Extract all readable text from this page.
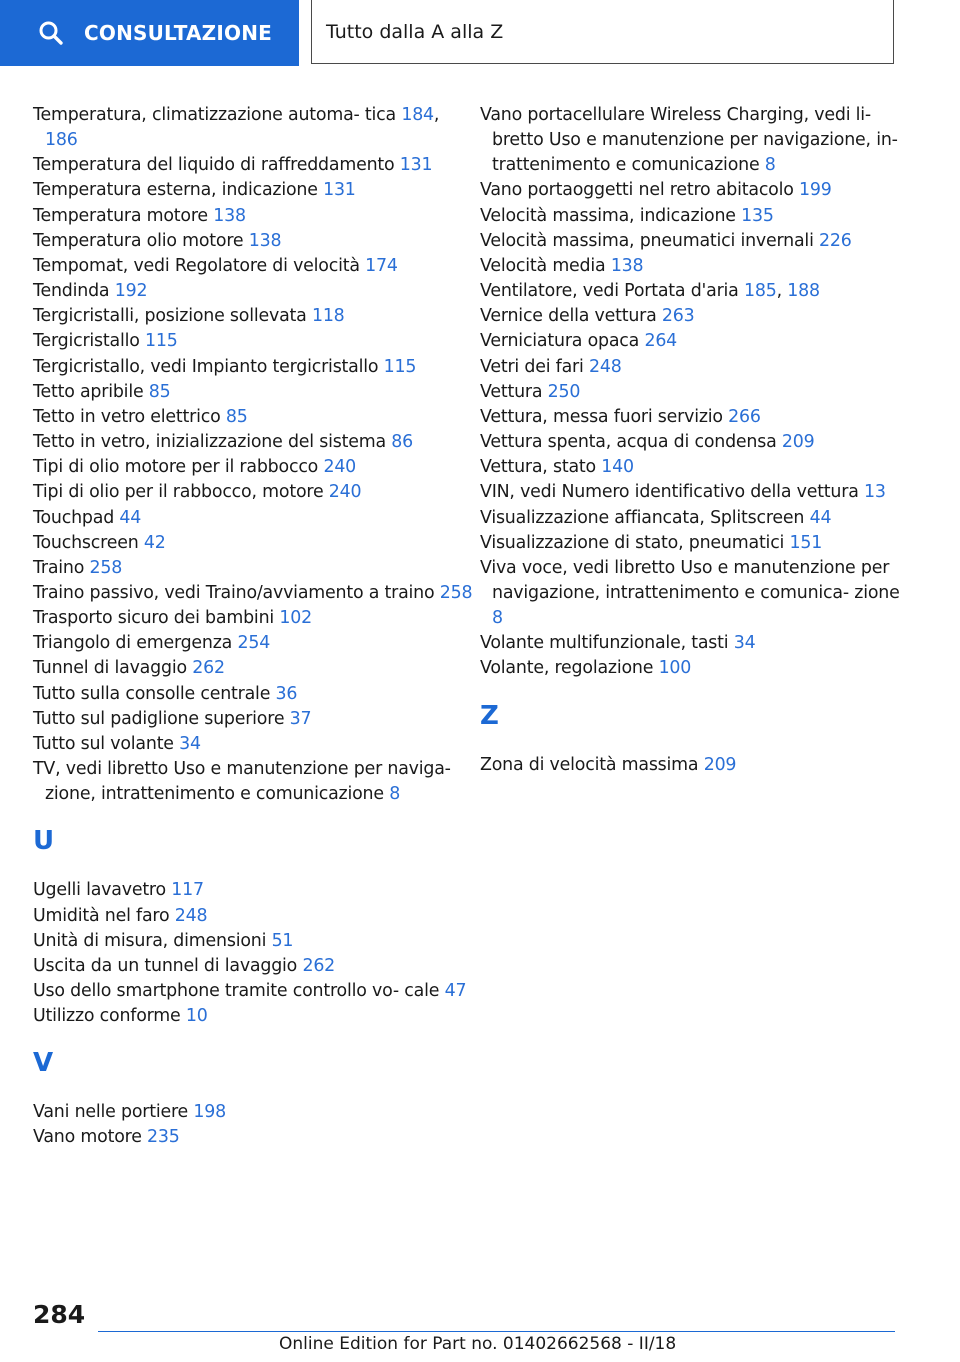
CONSULTAZIONE	Tutto dalla A alla Z
Temperatura, climatizzazione automa- tica 184, 186
Temperatura del liquido di raffreddamento 131
Temperatura esterna, indicazione 131
Temperatura motore 138
Temperatura olio motore 138
Tempomat, vedi Regolatore di velocità 174
Tendinda 192
Tergicristalli, posizione sollevata 118
Tergicristallo 115
Tergicristallo, vedi Impianto tergicristallo 115
Tetto apribile 85
Tetto in vetro elettrico 85
Tetto in vetro, inizializzazione del sistema 86
Tipi di olio motore per il rabbocco 240
Tipi di olio per il rabbocco, motore 240
Touchpad 44
Touchscreen 42
Traino 258
Traino passivo, vedi Traino/avviamento a traino 258
Trasporto sicuro dei bambini 102
Triangolo di emergenza 254
Tunnel di lavaggio 262
Tutto sulla consolle centrale 36
Tutto sul padiglione superiore 37
Tutto sul volante 34
TV, vedi libretto Uso e manutenzione per naviga- zione, intrattenimento e comunicazione 8
U
Ugelli lavavetro 117
Umidità nel faro 248
Unità di misura, dimensioni 51
Uscita da un tunnel di lavaggio 262
Uso dello smartphone tramite controllo vo- cale 47
Utilizzo conforme 10
V
Vani nelle portiere 198
Vano motore 235
Vano portacellulare Wireless Charging, vedi li- bretto Uso e manutenzione per navigazione, in- trattenimento e comunicazione 8
Vano portaoggetti nel retro abitacolo 199
Velocità massima, indicazione 135
Velocità massima, pneumatici invernali 226
Velocità media 138
Ventilatore, vedi Portata d'aria 185, 188
Vernice della vettura 263
Verniciatura opaca 264
Vetri dei fari 248
Vettura 250
Vettura, messa fuori servizio 266
Vettura spenta, acqua di condensa 209
Vettura, stato 140
VIN, vedi Numero identificativo della vettura 13
Visualizzazione affiancata, Splitscreen 44
Visualizzazione di stato, pneumatici 151
Viva voce, vedi libretto Uso e manutenzione per navigazione, intrattenimento e comunica- zione 8
Volante multifunzionale, tasti 34
Volante, regolazione 100
Z
Zona di velocità massima 209
284
Online Edition for Part no. 01402662568 - II/18
